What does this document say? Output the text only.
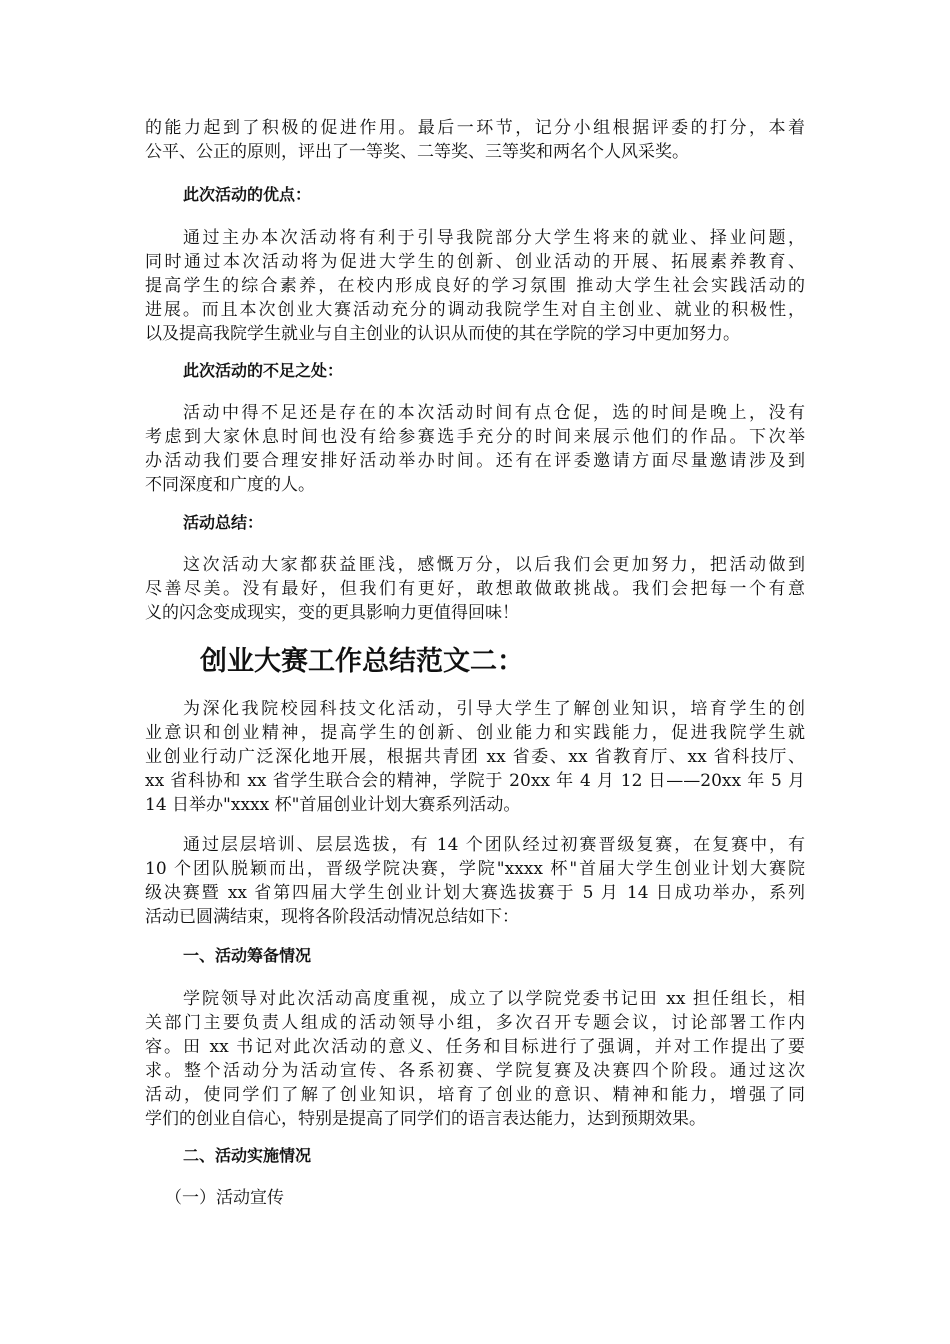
的能力起到了积极的促进作用。最后一环节，记分小组根据评委的打分，本着
公平、公正的原则，评出了一等奖、二等奖、三等奖和两名个人风采奖。
此次活动的优点：
通过主办本次活动将有利于引导我院部分大学生将来的就业、择业问题，
同时通过本次活动将为促进大学生的创新、创业活动的开展、拓展素养教育、
提高学生的综合素养，在校内形成良好的学习氛围 推动大学生社会实践活动的
进展。而且本次创业大赛活动充分的调动我院学生对自主创业、就业的积极性，
以及提高我院学生就业与自主创业的认识从而使的其在学院的学习中更加努力。
此次活动的不足之处：
活动中得不足还是存在的本次活动时间有点仓促，选的时间是晚上，没有
考虑到大家休息时间也没有给参赛选手充分的时间来展示他们的作品。下次举
办活动我们要合理安排好活动举办时间。还有在评委邀请方面尽量邀请涉及到
不同深度和广度的人。
活动总结：
这次活动大家都获益匪浅，感慨万分，以后我们会更加努力，把活动做到
尽善尽美。没有最好，但我们有更好，敢想敢做敢挑战。我们会把每一个有意
义的闪念变成现实，变的更具影响力更值得回味！
创业大赛工作总结范文二：
为深化我院校园科技文化活动，引导大学生了解创业知识，培育学生的创
业意识和创业精神，提高学生的创新、创业能力和实践能力，促进我院学生就
业创业行动广泛深化地开展，根据共青团 xx 省委、xx 省教育厅、xx 省科技厅、
xx 省科协和 xx 省学生联合会的精神，学院于 20xx 年 4 月 12 日——20xx 年 5 月
14 日举办"xxxx 杯"首届创业计划大赛系列活动。
通过层层培训、层层选拔，有 14 个团队经过初赛晋级复赛，在复赛中，有
10 个团队脱颖而出，晋级学院决赛，学院"xxxx 杯"首届大学生创业计划大赛院
级决赛暨 xx 省第四届大学生创业计划大赛选拔赛于 5 月 14 日成功举办，系列
活动已圆满结束，现将各阶段活动情况总结如下：
一、活动筹备情况
学院领导对此次活动高度重视，成立了以学院党委书记田 xx 担任组长，相
关部门主要负责人组成的活动领导小组，多次召开专题会议，讨论部署工作内
容。田 xx 书记对此次活动的意义、任务和目标进行了强调，并对工作提出了要
求。整个活动分为活动宣传、各系初赛、学院复赛及决赛四个阶段。通过这次
活动，使同学们了解了创业知识，培育了创业的意识、精神和能力，增强了同
学们的创业自信心，特别是提高了同学们的语言表达能力，达到预期效果。
二、活动实施情况
（一）活动宣传
